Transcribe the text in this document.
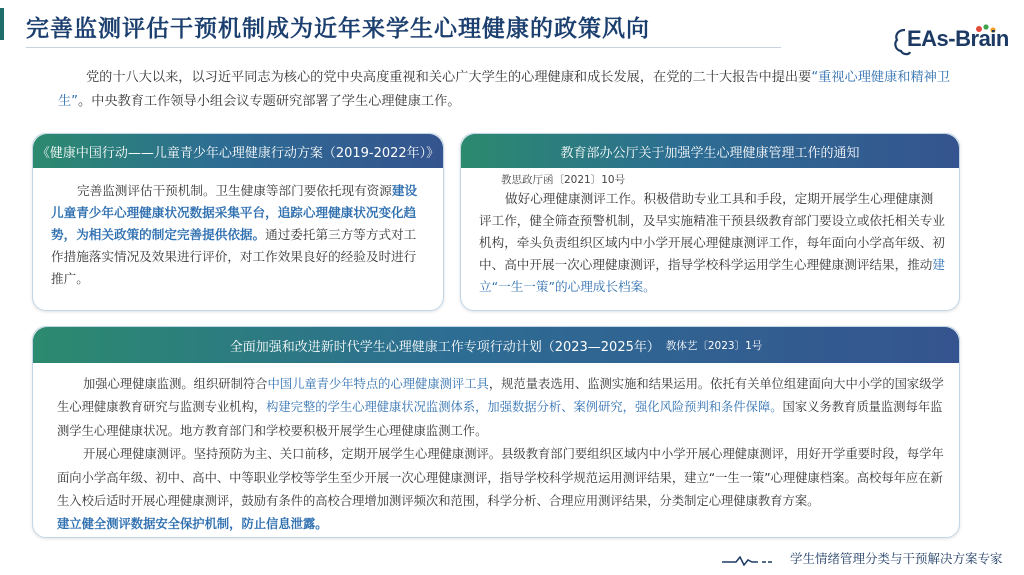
完善监测评估干预机制成为近年来学生心理健康的政策风向	EAs-Brain
党的十八大以来，以习近平同志为核心的党中央高度重视和关心广大学生的心理健康和成长发展，在党的二十大报告中提出要“重视心理健康和精神卫生”。中央教育工作领导小组会议专题研究部署了学生心理健康工作。
《健康中国行动——儿童青少年心理健康行动方案（2019-2022年）》
完善监测评估干预机制。卫生健康等部门要依托现有资源建设儿童青少年心理健康状况数据采集平台，追踪心理健康状况变化趋势，为相关政策的制定完善提供依据。通过委托第三方等方式对工作措施落实情况及效果进行评价，对工作效果良好的经验及时进行推广。
教育部办公厅关于加强学生心理健康管理工作的通知
教思政厅函〔2021〕10号
做好心理健康测评工作。积极借助专业工具和手段，定期开展学生心理健康测评工作，健全筛查预警机制，及早实施精准干预县级教育部门要设立或依托相关专业机构，牵头负责组织区域内中小学开展心理健康测评工作，每年面向小学高年级、初中、高中开展一次心理健康测评，指导学校科学运用学生心理健康测评结果，推动建立“一生一策”的心理成长档案。
全面加强和改进新时代学生心理健康工作专项行动计划（2023—2025年） 教体艺〔2023〕1号
加强心理健康监测。组织研制符合中国儿童青少年特点的心理健康测评工具，规范量表选用、监测实施和结果运用。依托有关单位组建面向大中小学的国家级学生心理健康教育研究与监测专业机构，构建完整的学生心理健康状况监测体系，加强数据分析、案例研究，强化风险预判和条件保障。国家义务教育质量监测每年监测学生心理健康状况。地方教育部门和学校要积极开展学生心理健康监测工作。
开展心理健康测评。坚持预防为主、关口前移，定期开展学生心理健康测评。县级教育部门要组织区域内中小学开展心理健康测评，用好开学重要时段，每学年面向小学高年级、初中、高中、中等职业学校等学生至少开展一次心理健康测评，指导学校科学规范运用测评结果，建立“一生一策”心理健康档案。高校每年应在新生入校后适时开展心理健康测评，鼓励有条件的高校合理增加测评频次和范围，科学分析、合理应用测评结果，分类制定心理健康教育方案。
建立健全测评数据安全保护机制，防止信息泄露。
学生情绪管理分类与干预解决方案专家
